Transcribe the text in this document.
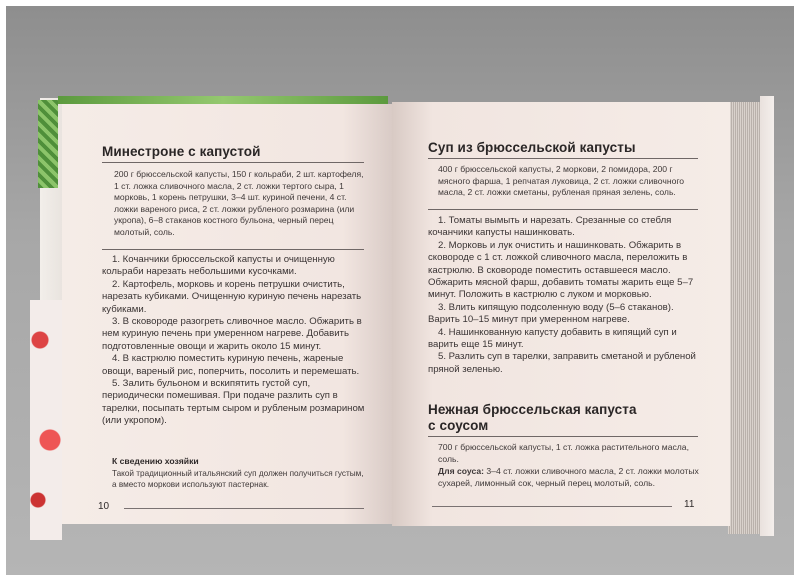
Минестроне с капустой
200 г брюссельской капусты, 150 г кольраби, 2 шт. картофеля, 1 ст. ложка сливочного масла, 2 ст. ложки тертого сыра, 1 морковь, 1 корень петрушки, 3–4 шт. куриной печени, 4 ст. ложки вареного риса, 2 ст. ложки рубленого розмарина (или укропа), 6–8 стаканов костного бульона, черный перец молотый, соль.

1. Кочанчики брюссельской капусты и очищенную кольраби нарезать небольшими кусочками.

2. Картофель, морковь и корень петрушки очистить, нарезать кубиками. Очищенную куриную печень нарезать кубиками.

3. В сковороде разогреть сливочное масло. Обжарить в нем куриную печень при умеренном нагреве. Добавить подготовленные овощи и жарить около 15 минут.

4. В кастрюлю поместить куриную печень, жареные овощи, вареный рис, поперчить, посолить и перемешать.

5. Залить бульоном и вскипятить густой суп, периодически помешивая. При подаче разлить суп в тарелки, посыпать тертым сыром и рубленым розмарином (или укропом).

К сведению хозяйки
Такой традиционный итальянский суп должен получиться густым, а вместо моркови используют пастернак.
10
Суп из брюссельской капусты
400 г брюссельской капусты, 2 моркови, 2 помидора, 200 г мясного фарша, 1 репчатая луковица, 2 ст. ложки сливочного масла, 2 ст. ложки сметаны, рубленая пряная зелень, соль.

1. Томаты вымыть и нарезать. Срезанные со стебля кочанчики капусты нашинковать.

2. Морковь и лук очистить и нашинковать. Обжарить в сковороде с 1 ст. ложкой сливочного масла, переложить в кастрюлю. В сковороде поместить оставшееся масло. Обжарить мясной фарш, добавить томаты жарить еще 5–7 минут. Положить в кастрюлю с луком и морковью.

3. Влить кипящую подсоленную воду (5–6 стаканов). Варить 10–15 минут при умеренном нагреве.

4. Нашинкованную капусту добавить в кипящий суп и варить еще 15 минут.

5. Разлить суп в тарелки, заправить сметаной и рубленой пряной зеленью.

Нежная брюссельская капуста
с соусом
700 г брюссельской капусты, 1 ст. ложка растительного масла, соль.
Для соуса: 3–4 ст. ложки сливочного масла, 2 ст. ложки молотых сухарей, лимонный сок, черный перец молотый, соль.
11
